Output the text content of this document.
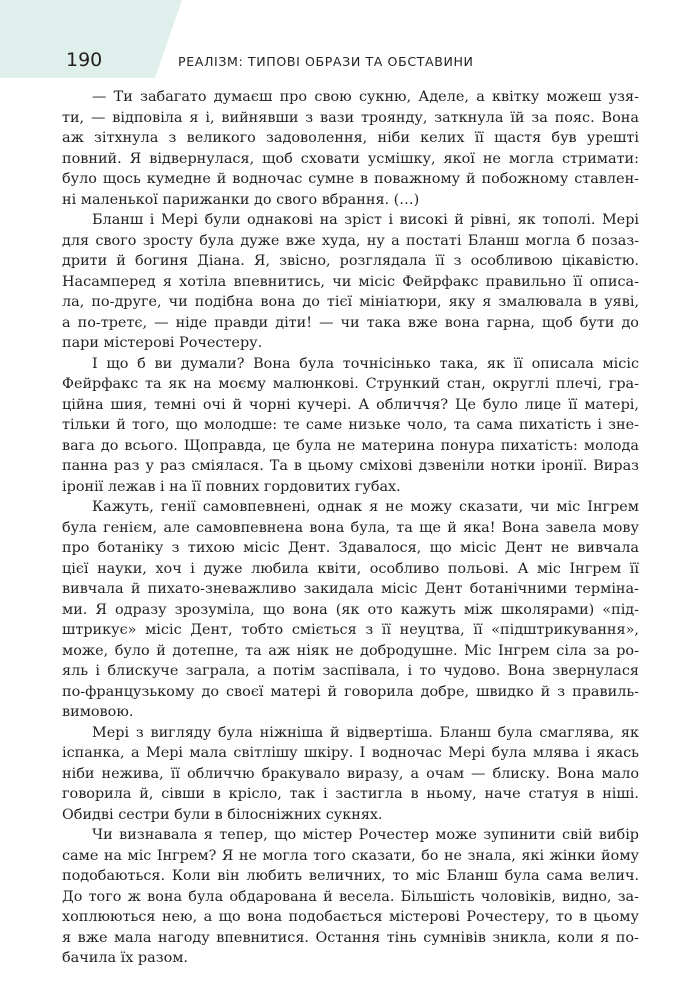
190	РЕАЛІЗМ: ТИПОВІ ОБРАЗИ ТА ОБСТАВИНИ
— Ти забагато думаєш про свою сукню, Аделе, а квітку можеш узя-
ти, — відповіла я і, вийнявши з вази троянду, заткнула їй за пояс. Вона
аж зітхнула з великого задоволення, ніби келих її щастя був урешті
повний. Я відвернулася, щоб сховати усмішку, якої не могла стримати:
було щось кумедне й водночас сумне в поважному й побожному ставлен-
ні маленької парижанки до свого вбрання. (…)
Бланш і Мері були однакові на зріст і високі й рівні, як тополі. Мері
для свого зросту була дуже вже худа, ну а постаті Бланш могла б позаз-
дрити й богиня Діана. Я, звісно, розглядала її з особливою цікавістю.
Насамперед я хотіла впевнитись, чи місіс Фейрфакс правильно її описа-
ла, по-друге, чи подібна вона до тієї мініатюри, яку я змалювала в уяві,
а по-третє, — ніде правди діти! — чи така вже вона гарна, щоб бути до
пари містерові Рочестеру.
І що б ви думали? Вона була точнісінько така, як її описала місіс
Фейрфакс та як на моєму малюнкові. Стрункий стан, округлі плечі, гра-
ційна шия, темні очі й чорні кучері. А обличчя? Це було лице її матері,
тільки й того, що молодше: те саме низьке чоло, та сама пихатість і зне-
вага до всього. Щоправда, це була не материна понура пихатість: молода
панна раз у раз сміялася. Та в цьому сміхові дзвеніли нотки іронії. Вираз
іронії лежав і на її повних гордовитих губах.
Кажуть, генії самовпевнені, однак я не можу сказати, чи міс Інгрем
була генієм, але самовпевнена вона була, та ще й яка! Вона завела мову
про ботаніку з тихою місіс Дент. Здавалося, що місіс Дент не вивчала
цієї науки, хоч і дуже любила квіти, особливо польові. А міс Інгрем її
вивчала й пихато-зневажливо закидала місіс Дент ботанічними терміна-
ми. Я одразу зрозуміла, що вона (як ото кажуть між школярами) «під-
штрикує» місіс Дент, тобто сміється з її неуцтва, її «підштрикування»,
може, було й дотепне, та аж ніяк не добродушне. Міс Інгрем сіла за ро-
яль і блискуче заграла, а потім заспівала, і то чудово. Вона звернулася
по-французькому до своєї матері й говорила добре, швидко й з правиль-
вимовою.
Мері з вигляду була ніжніша й відвертіша. Бланш була смаглява, як
іспанка, а Мері мала світлішу шкіру. І водночас Мері була млява і якась
ніби нежива, її обличчю бракувало виразу, а очам — блиску. Вона мало
говорила й, сівши в крісло, так і застигла в ньому, наче статуя в ніші.
Обидві сестри були в білосніжних сукнях.
Чи визнавала я тепер, що містер Рочестер може зупинити свій вибір
саме на міс Інгрем? Я не могла того сказати, бо не знала, які жінки йому
подобаються. Коли він любить величних, то міс Бланш була сама велич.
До того ж вона була обдарована й весела. Більшість чоловіків, видно, за-
хоплюються нею, а що вона подобається містерові Рочестеру, то в цьому
я вже мала нагоду впевнитися. Остання тінь сумнівів зникла, коли я по-
бачила їх разом.
